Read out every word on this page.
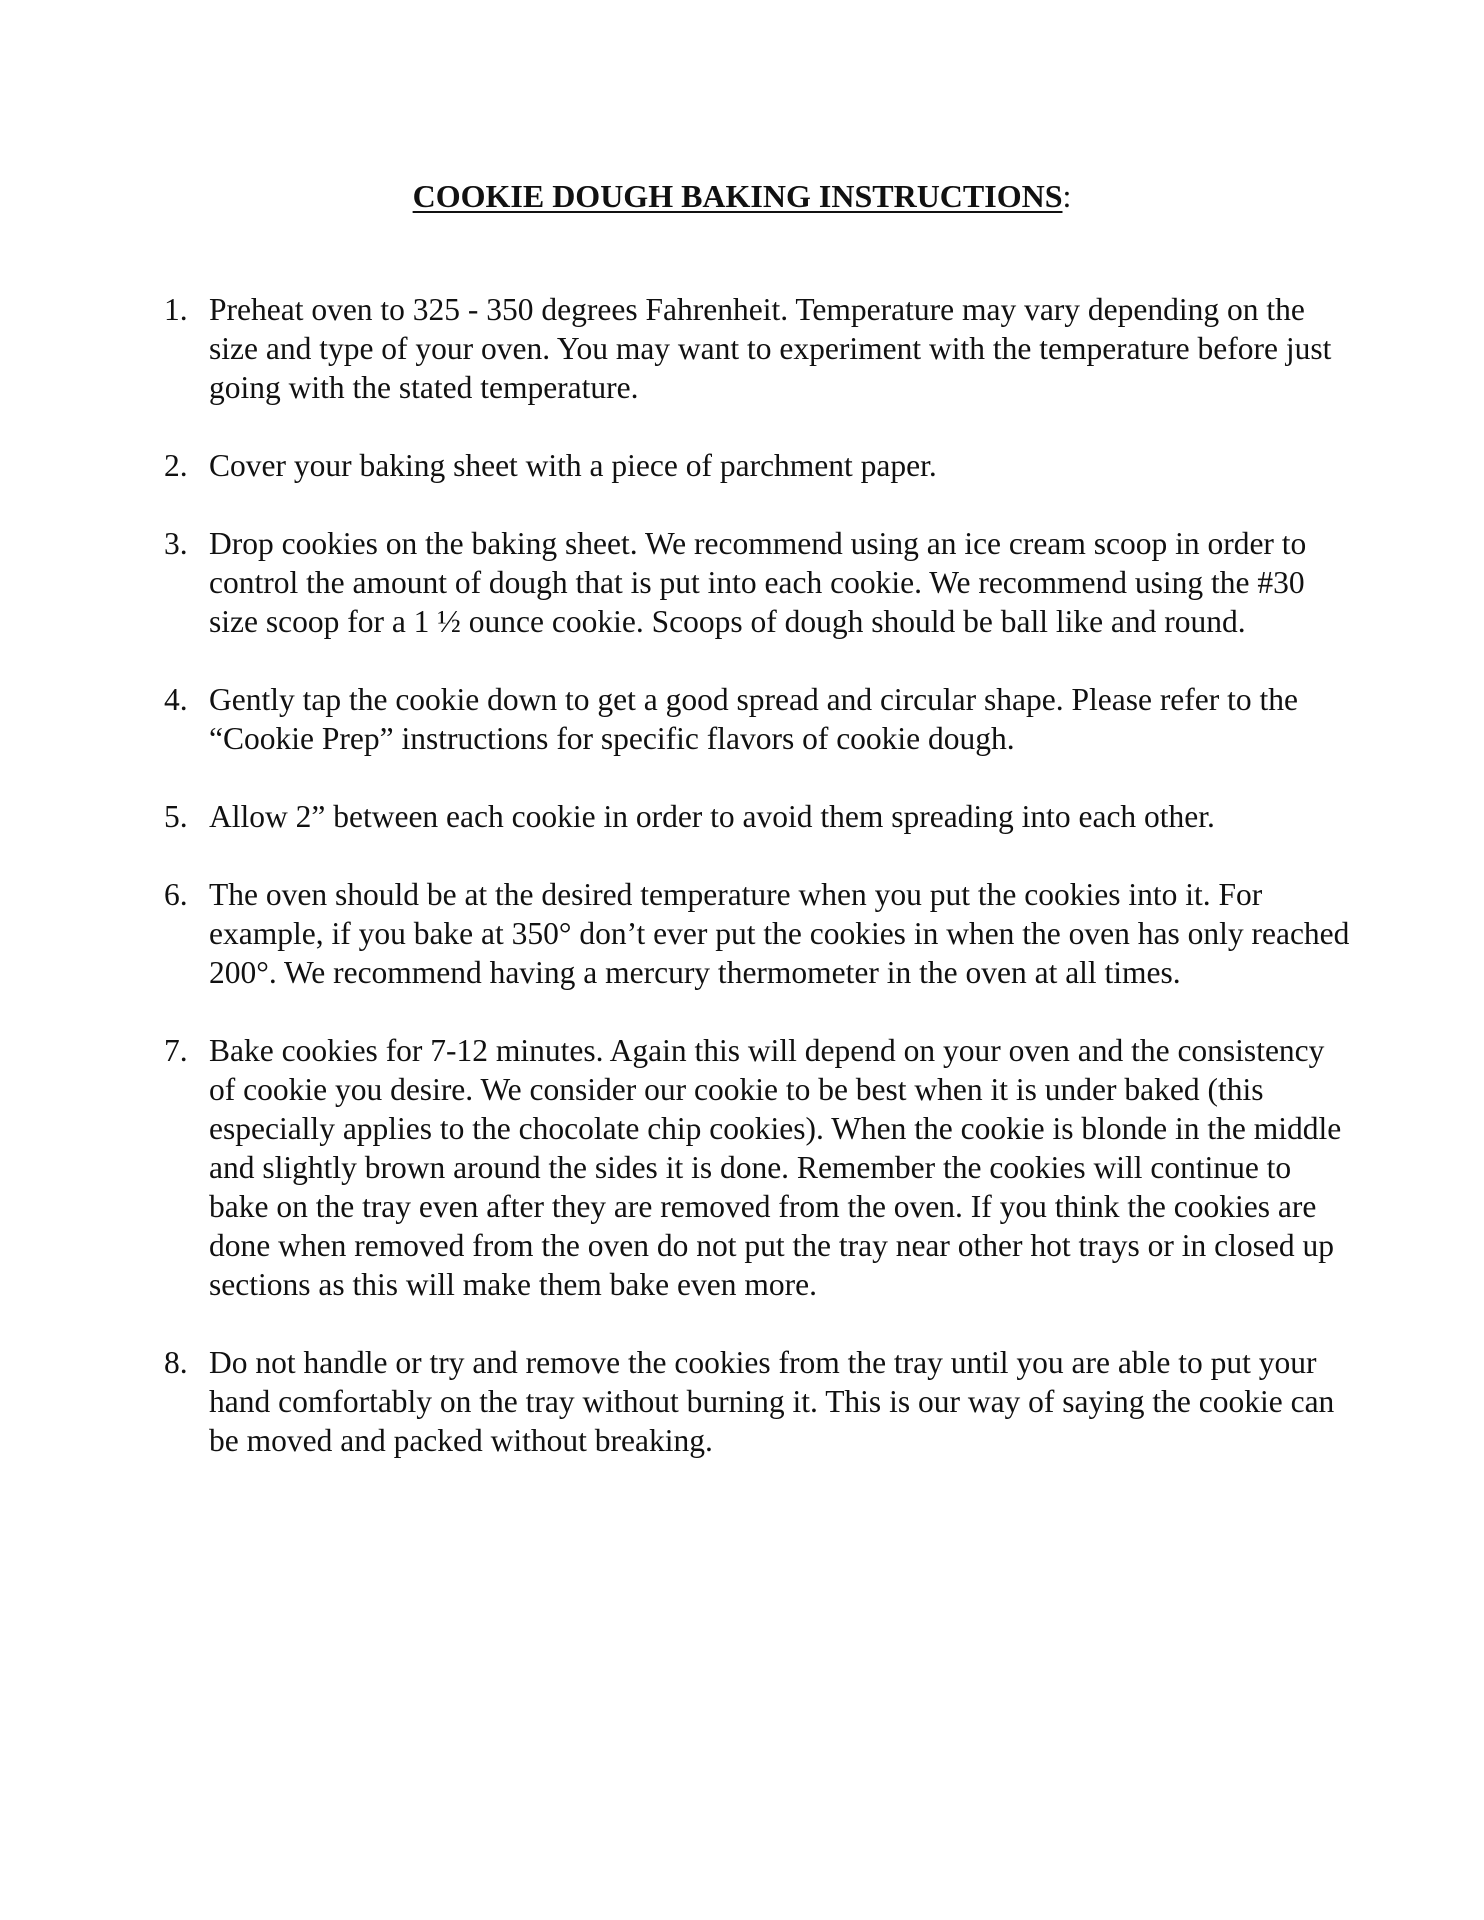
COOKIE DOUGH BAKING INSTRUCTIONS:
1. Preheat oven to 325 - 350 degrees Fahrenheit. Temperature may vary depending on the size and type of your oven. You may want to experiment with the temperature before just going with the stated temperature.
2. Cover your baking sheet with a piece of parchment paper.
3. Drop cookies on the baking sheet. We recommend using an ice cream scoop in order to control the amount of dough that is put into each cookie. We recommend using the #30 size scoop for a 1 ½ ounce cookie. Scoops of dough should be ball like and round.
4. Gently tap the cookie down to get a good spread and circular shape. Please refer to the “Cookie Prep” instructions for specific flavors of cookie dough.
5. Allow 2” between each cookie in order to avoid them spreading into each other.
6. The oven should be at the desired temperature when you put the cookies into it. For example, if you bake at 350° don’t ever put the cookies in when the oven has only reached 200°. We recommend having a mercury thermometer in the oven at all times.
7. Bake cookies for 7-12 minutes. Again this will depend on your oven and the consistency of cookie you desire. We consider our cookie to be best when it is under baked (this especially applies to the chocolate chip cookies). When the cookie is blonde in the middle and slightly brown around the sides it is done. Remember the cookies will continue to bake on the tray even after they are removed from the oven. If you think the cookies are done when removed from the oven do not put the tray near other hot trays or in closed up sections as this will make them bake even more.
8. Do not handle or try and remove the cookies from the tray until you are able to put your hand comfortably on the tray without burning it. This is our way of saying the cookie can be moved and packed without breaking.
